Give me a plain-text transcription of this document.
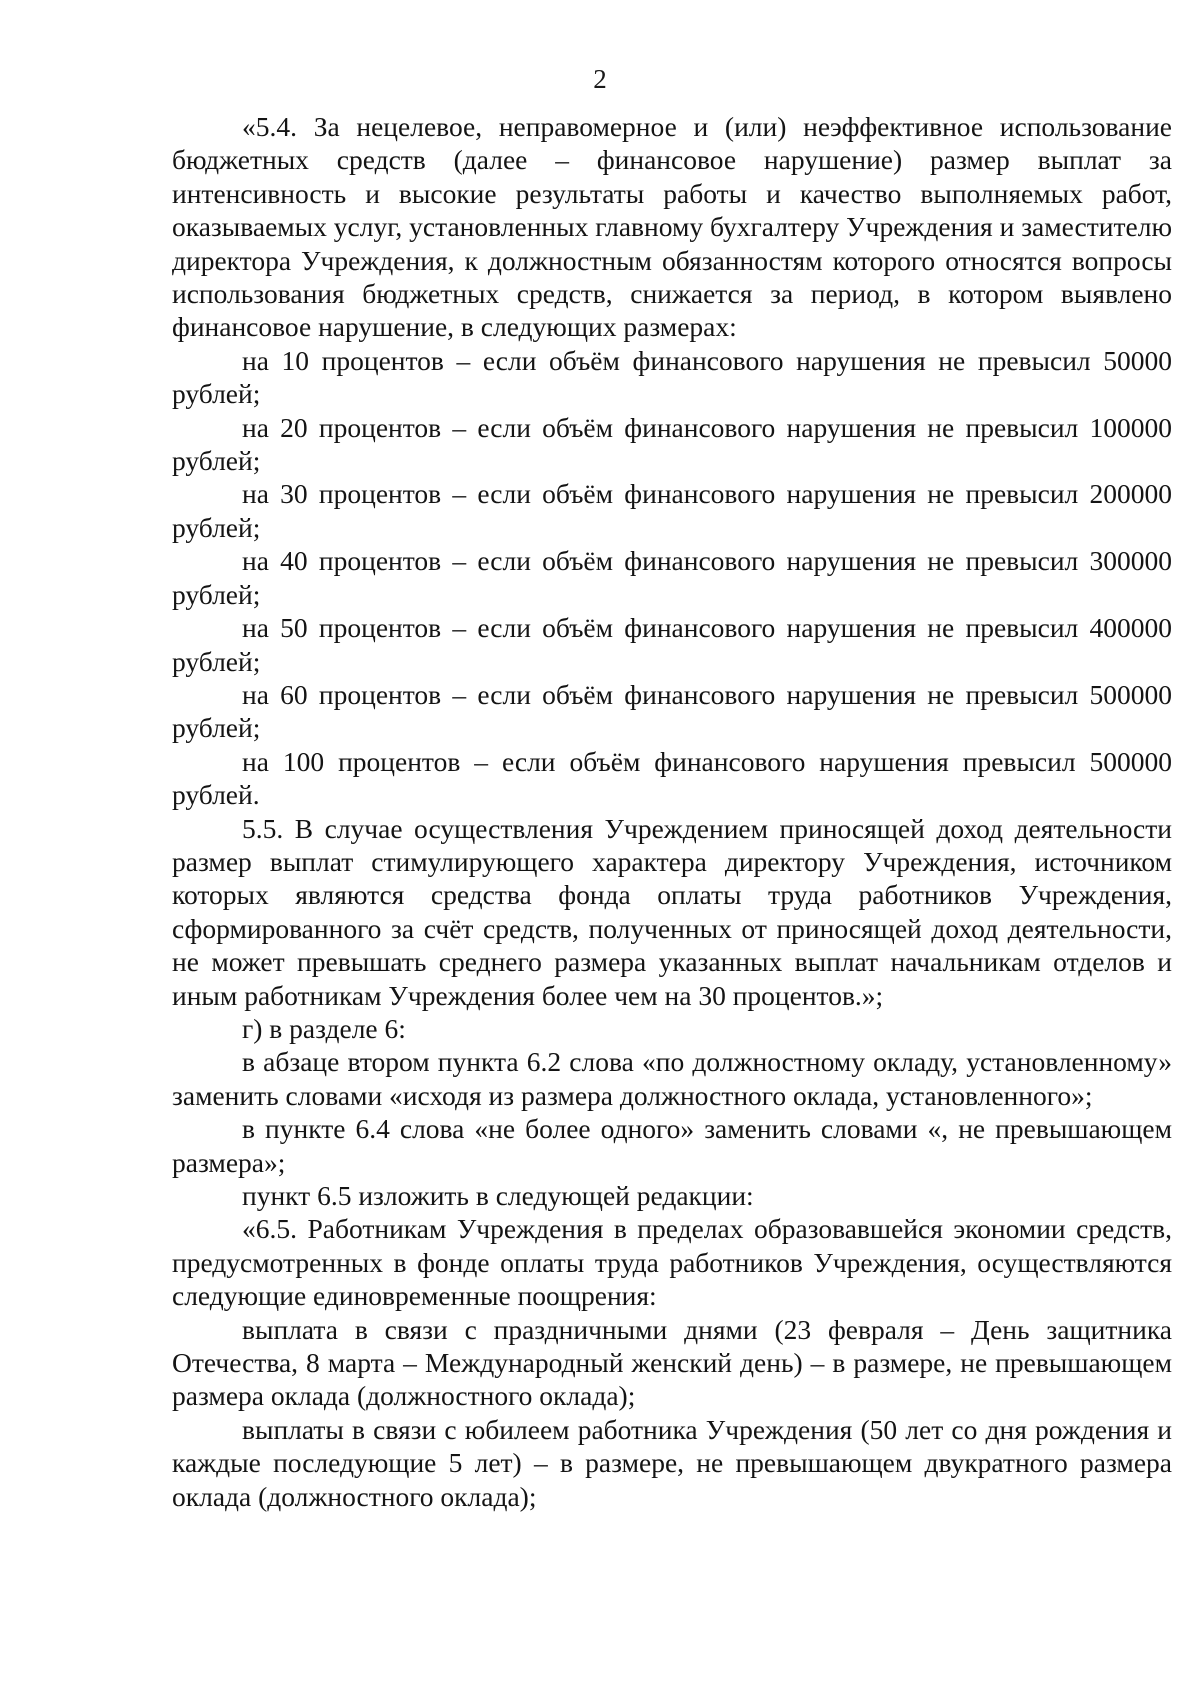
2

«5.4. За нецелевое, неправомерное и (или) неэффективное использование бюджетных средств (далее – финансовое нарушение) размер выплат за интенсивность и высокие результаты работы и качество выполняемых работ, оказываемых услуг, установленных главному бухгалтеру Учреждения и заместителю директора Учреждения, к должностным обязанностям которого относятся вопросы использования бюджетных средств, снижается за период, в котором выявлено финансовое нарушение, в следующих размерах:

на 10 процентов – если объём финансового нарушения не превысил 50000 рублей;

на 20 процентов – если объём финансового нарушения не превысил 100000 рублей;

на 30 процентов – если объём финансового нарушения не превысил 200000 рублей;

на 40 процентов – если объём финансового нарушения не превысил 300000 рублей;

на 50 процентов – если объём финансового нарушения не превысил 400000 рублей;

на 60 процентов – если объём финансового нарушения не превысил 500000 рублей;

на 100 процентов – если объём финансового нарушения превысил 500000 рублей.

5.5. В случае осуществления Учреждением приносящей доход деятельности размер выплат стимулирующего характера директору Учреждения, источником которых являются средства фонда оплаты труда работников Учреждения, сформированного за счёт средств, полученных от приносящей доход деятельности, не может превышать среднего размера указанных выплат начальникам отделов и иным работникам Учреждения более чем на 30 процентов.»;

г) в разделе 6:

в абзаце втором пункта 6.2 слова «по должностному окладу, установленному» заменить словами «исходя из размера должностного оклада, установленного»;

в пункте 6.4 слова «не более одного» заменить словами «, не превышающем размера»;

пункт 6.5 изложить в следующей редакции:

«6.5. Работникам Учреждения в пределах образовавшейся экономии средств, предусмотренных в фонде оплаты труда работников Учреждения, осуществляются следующие единовременные поощрения:

выплата в связи с праздничными днями (23 февраля – День защитника Отечества, 8 марта – Международный женский день) – в размере, не превышающем размера оклада (должностного оклада);

выплаты в связи с юбилеем работника Учреждения (50 лет со дня рождения и каждые последующие 5 лет) – в размере, не превышающем двукратного размера оклада (должностного оклада);
